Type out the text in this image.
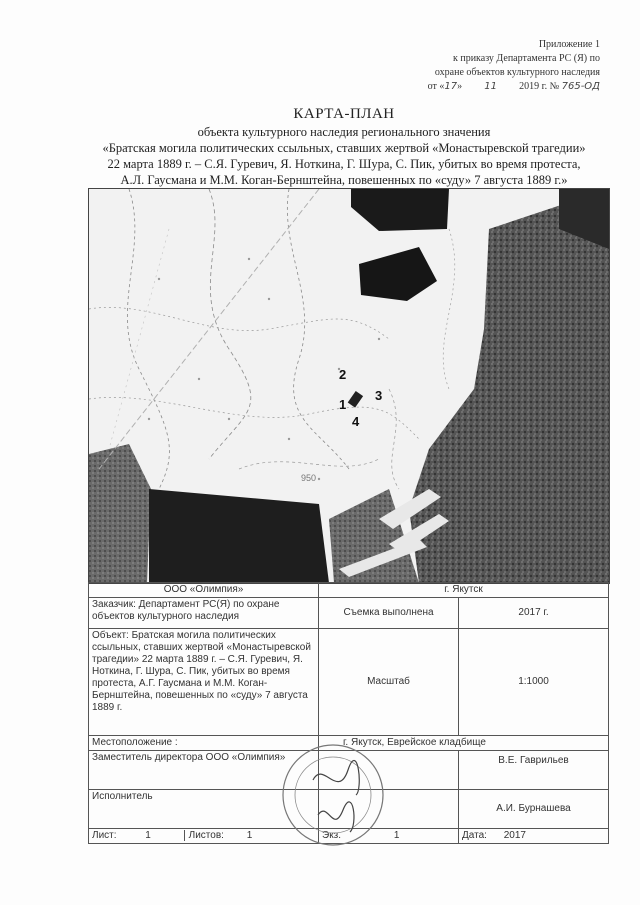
Приложение 1
к приказу Департамента РС (Я) по
охране объектов культурного наследия
от «17» 11 2019 г. № 765-ОД
КАРТА-ПЛАН
объекта культурного наследия регионального значения
«Братская могила политических ссыльных, ставших жертвой «Монастыревской трагедии»
22 марта 1889 г. – С.Я. Гуревич, Я. Ноткина, Г. Шура, С. Пик, убитых во время протеста,
А.Л. Гаусмана и М.М. Коган-Бернштейна, повешенных по «суду» 7 августа 1889 г.»
950
2
1
3
4
ООО «Олимпия»	г. Якутск	
Заказчик: Департамент РС(Я) по охране объектов культурного наследия	Съемка выполнена	2017 г.
Объект: Братская могила политических ссыльных, ставших жертвой «Монастыревской трагедии» 22 марта 1889 г. – С.Я. Гуревич, Я. Ноткина, Г. Шура, С. Пик, убитых во время протеста, А.Г. Гаусмана и М.М. Коган-Бернштейна, повешенных по «суду» 7 августа 1889 г.	Масштаб	1:1000
Местоположение :	г. Якутск, Еврейское кладбище	
Заместитель директора ООО «Олимпия»		В.Е. Гаврильев
Исполнитель		А.И. Бурнашева
Лист: 1 Листов: 1	Экз. 1	Дата: 2017
